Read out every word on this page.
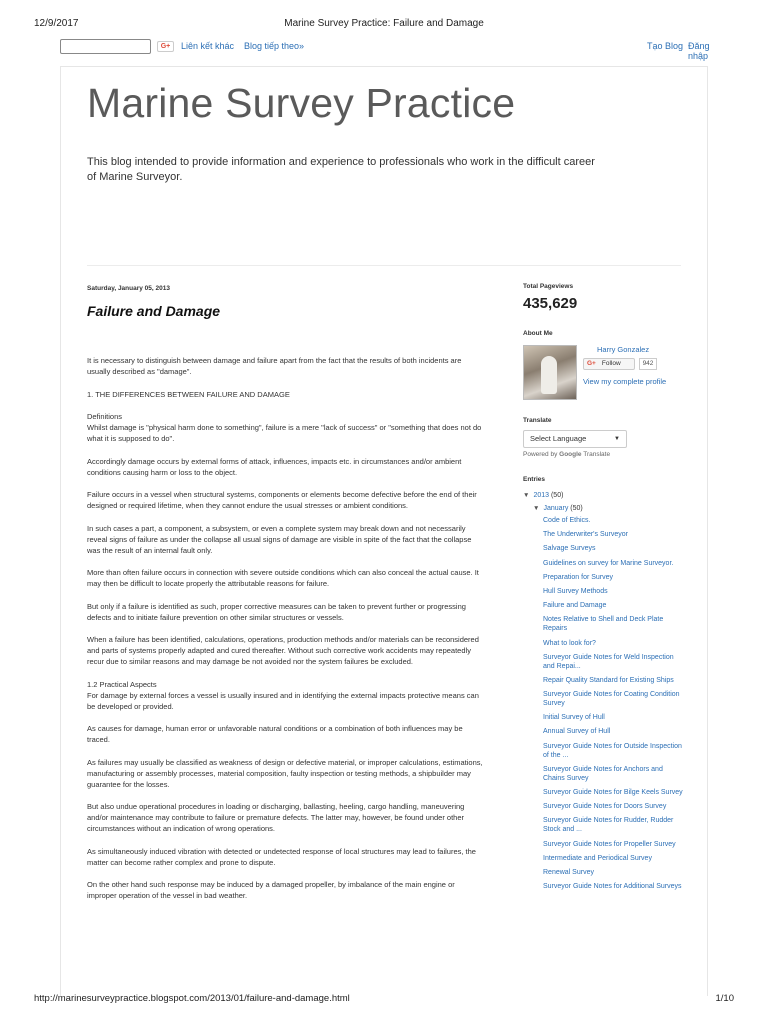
12/9/2017	Marine Survey Practice: Failure and Damage
G+	Liên kết khác Blog tiếp theo»	Tạo Blog Đăng nhập
Marine Survey Practice
This blog intended to provide information and experience to professionals who work in the difficult career of Marine Surveyor.
Saturday, January 05, 2013
Failure and Damage

It is necessary to distinguish between damage and failure apart from the fact that the results of both incidents are usually described as "damage".

1. THE DIFFERENCES BETWEEN FAILURE AND DAMAGE

Definitions
Whilst damage is "physical harm done to something", failure is a mere "lack of success" or "something that does not do what it is supposed to do".

Accordingly damage occurs by external forms of attack, influences, impacts etc. in circumstances and/or ambient conditions causing harm or loss to the object.

Failure occurs in a vessel when structural systems, components or elements become defective before the end of their designed or required lifetime, when they cannot endure the usual stresses or ambient conditions.

In such cases a part, a component, a subsystem, or even a complete system may break down and not necessarily reveal signs of failure as under the collapse all usual signs of damage are visible in spite of the fact that the collapse was the result of an internal fault only.

More than often failure occurs in connection with severe outside conditions which can also conceal the actual cause. It may then be difficult to locate properly the attributable reasons for failure.

But only if a failure is identified as such, proper corrective measures can be taken to prevent further or progressing defects and to initiate failure prevention on other similar structures or vessels.

When a failure has been identified, calculations, operations, production methods and/or materials can be reconsidered and parts of systems properly adapted and cured thereafter. Without such corrective work accidents may repeatedly recur due to similar reasons and may damage be not avoided nor the system failures be excluded.

1.2 Practical Aspects
For damage by external forces a vessel is usually insured and in identifying the external impacts protective means can be developed or provided.

As causes for damage, human error or unfavorable natural conditions or a combination of both influences may be traced.

As failures may usually be classified as weakness of design or defective material, or improper calculations, estimations, manufacturing or assembly processes, material composition, faulty inspection or testing methods, a shipbuilder may guarantee for the losses.

But also undue operational procedures in loading or discharging, ballasting, heeling, cargo handling, maneuvering and/or maintenance may contribute to failure or premature defects. The latter may, however, be found under other circumstances without an indication of wrong operations.

As simultaneously induced vibration with detected or undetected response of local structures may lead to failures, the matter can become rather complex and prone to dispute.

On the other hand such response may be induced by a damaged propeller, by imbalance of the main engine or improper operation of the vessel in bad weather.

Total Pageviews
435,629
About Me
Harry Gonzalez
G+ Follow	942
View my complete profile
Translate
Select Language	▼
Powered by Google Translate
Entries
▼ 2013 (50)
▼ January (50)
Code of Ethics.
The Underwriter's Surveyor
Salvage Surveys
Guidelines on survey for Marine Surveyor.
Preparation for Survey
Hull Survey Methods
Failure and Damage
Notes Relative to Shell and Deck Plate Repairs
What to look for?
Surveyor Guide Notes for Weld Inspection and Repai...
Repair Quality Standard for Existing Ships
Surveyor Guide Notes for Coating Condition Survey
Initial Survey of Hull
Annual Survey of Hull
Surveyor Guide Notes for Outside Inspection of the ...
Surveyor Guide Notes for Anchors and Chains Survey
Surveyor Guide Notes for Bilge Keels Survey
Surveyor Guide Notes for Doors Survey
Surveyor Guide Notes for Rudder, Rudder Stock and ...
Surveyor Guide Notes for Propeller Survey
Intermediate and Periodical Survey
Renewal Survey
Surveyor Guide Notes for Additional Surveys
http://marinesurveypractice.blogspot.com/2013/01/failure-and-damage.html	1/10
